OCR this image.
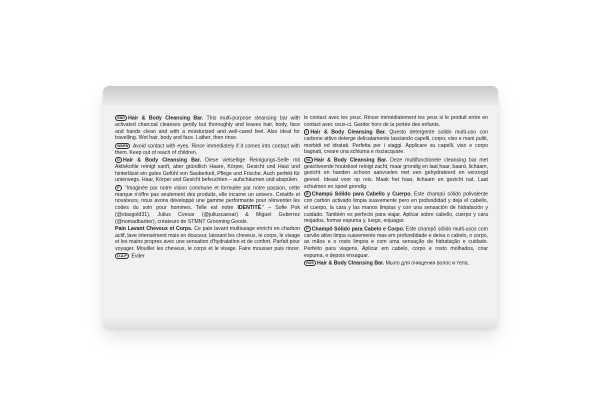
ENG Hair & Body Cleansing Bar. This multi-purpose cleansing bar with activated charcoal cleanses gently but thoroughly and leaves hair, body, face and hands clean and with a moisturized and well-cared feel. Also ideal for travelling. Wet hair, body and face. Lather, then rinse.

WARN Avoid contact with eyes. Rinse immediately if it comes into contact with them. Keep out of reach of children.

D Hair & Body Cleansing Bar. Diese vielseitige Reinigungs-Seife mit Aktivkohle reinigt sanft, aber gründlich Haare, Körper, Gesicht und Haut und hinterlässt ein gutes Gefühl von Sauberkeit, Pflege und Frische. Auch perfekt für unterwegs. Haar, Körper und Gesicht befeuchten – aufschäumen und abspülen.

F “Imaginée par notre vision commune et formulée par notre passion, cette marque n'offre pas seulement des produits, elle incarne un univers. Créatifs et novateurs, nous avons développé une gamme performante pour réinventer les codes du soin pour hommes. Telle est notre IDENTITÉ.” – Sofie Pok (@stasgold31), Julius Cvesar (@juliuscaesar) & Miguel Gutierrez (@nomadbarber), créateurs de STMNT Grooming Goods.

Pain Lavant Cheveux et Corps. Ce pain lavant multiusage enrichi en charbon actif, lave intensément mais en douceur, laissant les cheveux, le corps, le visage et les mains propres avec une sensation d'hydratation et de confort. Parfait pour voyager. Mouiller les cheveux, le corps et le visage. Faire mousser puis rincer. D.A.P Éviter

le contact avec les yeux. Rincer immédiatement les yeux si le produit entre en contact avec ceux-ci. Garder hors de la portée des enfants.

I Hair & Body Cleansing Bar. Questo detergente solido multi-uso con carbone attivo deterge delicatamente lasciando capelli, corpo, viso e mani puliti, morbidi ed idratati. Perfetta per i viaggi. Applicare su capelli, viso e corpo bagnati, creare una schiuma e risciacquare.

NL Hair & Body Cleansing Bar. Deze multifunctionele cleansing bar met geactiveerde houtskool reinigt zacht, maar grondig en laat haar, baard, lichaam, gezicht en handen schoon aanvoelen met een gehydrateerd en verzorgd gevoel. Ideaal voor op reis. Maak het haar, lichaam en gezicht nat. Laat schuimen en spoel grondig.

E Champú Sólido para Cabello y Cuerpo. Este champú sólido polivalente con carbón activado limpia suavemente pero en profundidad y deja el cabello, el cuerpo, la cara y las manos limpias y con una sensación de hidratación y cuidado. También es perfecto para viajar. Aplicar sobre cabello, cuerpo y cara mojados, formar espuma y, luego, enjuagar.

P Champô Sólido para Cabelo e Corpo. Este champô sólido multi-usos com carvão ativo limpa suavemente mas em profundidade e deixa o cabelo, o corpo, as mãos e o rosto limpos e com uma sensação de hidratação e cuidado. Perfeito para viagens. Aplicar em cabelo, corpo e rosto molhados, criar espuma, e depois enxaguar.

RUS Hair & Body Cleansing Bar. Мыло для очищения волос и тела.
